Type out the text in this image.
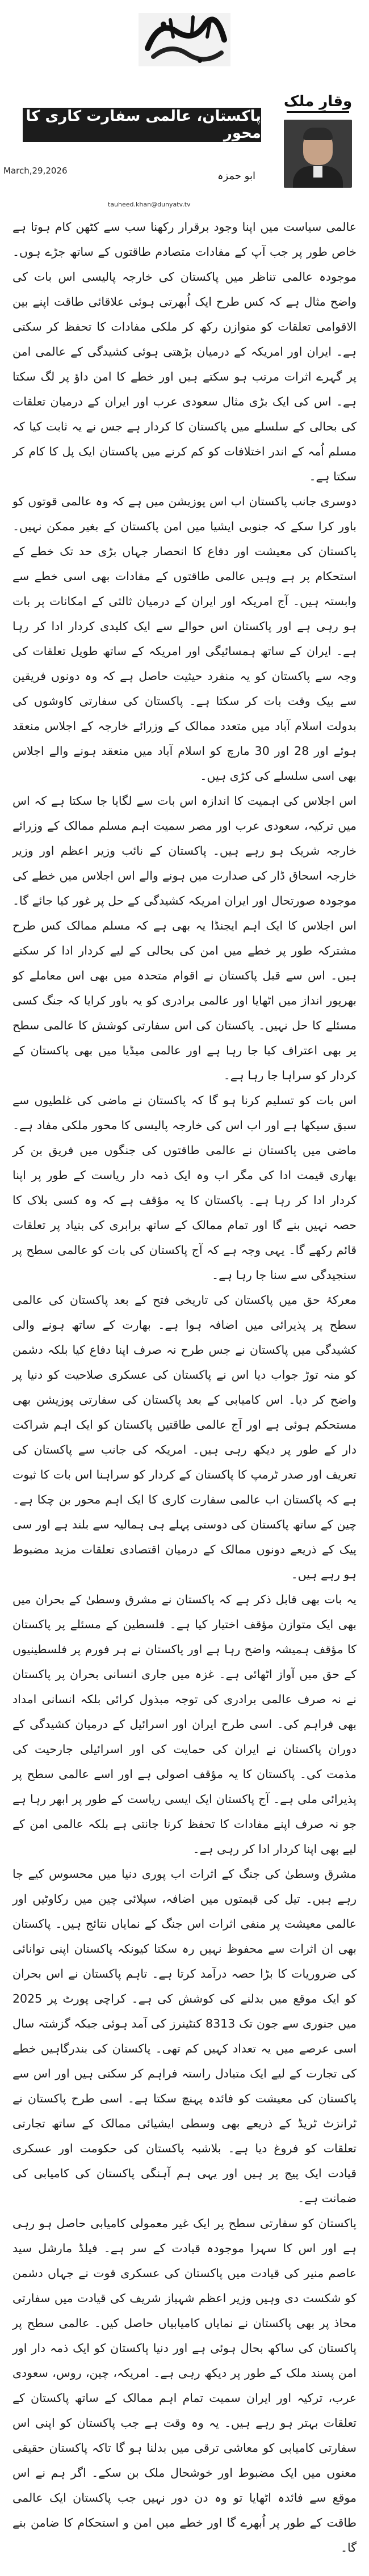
وقارِ ملک
پاکستان، عالمی سفارت کاری کا محور
ابو حمزہ
March,29,2026
tauheed.khan@dunyatv.tv

عالمی سیاست میں اپنا وجود برقرار رکھنا سب سے کٹھن کام ہوتا ہے خاص طور پر جب آپ کے مفادات متصادم طاقتوں کے ساتھ جڑے ہوں۔ موجودہ عالمی تناظر میں پاکستان کی خارجہ پالیسی اس بات کی واضح مثال ہے کہ کس طرح ایک اُبھرتی ہوئی علاقائی طاقت اپنے بین الاقوامی تعلقات کو متوازن رکھ کر ملکی مفادات کا تحفظ کر سکتی ہے۔ ایران اور امریکہ کے درمیان بڑھتی ہوئی کشیدگی کے عالمی امن پر گہرے اثرات مرتب ہو سکتے ہیں اور خطے کا امن داؤ پر لگ سکتا ہے۔ اس کی ایک بڑی مثال سعودی عرب اور ایران کے درمیان تعلقات کی بحالی کے سلسلے میں پاکستان کا کردار ہے جس نے یہ ثابت کیا کہ مسلم اُمہ کے اندر اختلافات کو کم کرنے میں پاکستان ایک پل کا کام کر سکتا ہے۔

دوسری جانب پاکستان اب اس پوزیشن میں ہے کہ وہ عالمی قوتوں کو باور کرا سکے کہ جنوبی ایشیا میں امن پاکستان کے بغیر ممکن نہیں۔ پاکستان کی معیشت اور دفاع کا انحصار جہاں بڑی حد تک خطے کے استحکام پر ہے وہیں عالمی طاقتوں کے مفادات بھی اسی خطے سے وابستہ ہیں۔ آج امریکہ اور ایران کے درمیان ثالثی کے امکانات پر بات ہو رہی ہے اور پاکستان اس حوالے سے ایک کلیدی کردار ادا کر رہا ہے۔ ایران کے ساتھ ہمسائیگی اور امریکہ کے ساتھ طویل تعلقات کی وجہ سے پاکستان کو یہ منفرد حیثیت حاصل ہے کہ وہ دونوں فریقین سے بیک وقت بات کر سکتا ہے۔ پاکستان کی سفارتی کاوشوں کی بدولت اسلام آباد میں متعدد ممالک کے وزرائے خارجہ کے اجلاس منعقد ہوئے اور 28 اور 30 مارچ کو اسلام آباد میں منعقد ہونے والے اجلاس بھی اسی سلسلے کی کڑی ہیں۔

اس اجلاس کی اہمیت کا اندازہ اس بات سے لگایا جا سکتا ہے کہ اس میں ترکیہ، سعودی عرب اور مصر سمیت اہم مسلم ممالک کے وزرائے خارجہ شریک ہو رہے ہیں۔ پاکستان کے نائب وزیر اعظم اور وزیر خارجہ اسحاق ڈار کی صدارت میں ہونے والے اس اجلاس میں خطے کی موجودہ صورتحال اور ایران امریکہ کشیدگی کے حل پر غور کیا جائے گا۔ اس اجلاس کا ایک اہم ایجنڈا یہ بھی ہے کہ مسلم ممالک کس طرح مشترکہ طور پر خطے میں امن کی بحالی کے لیے کردار ادا کر سکتے ہیں۔ اس سے قبل پاکستان نے اقوام متحدہ میں بھی اس معاملے کو بھرپور انداز میں اٹھایا اور عالمی برادری کو یہ باور کرایا کہ جنگ کسی مسئلے کا حل نہیں۔ پاکستان کی اس سفارتی کوشش کا عالمی سطح پر بھی اعتراف کیا جا رہا ہے اور عالمی میڈیا میں بھی پاکستان کے کردار کو سراہا جا رہا ہے۔

اس بات کو تسلیم کرنا ہو گا کہ پاکستان نے ماضی کی غلطیوں سے سبق سیکھا ہے اور اب اس کی خارجہ پالیسی کا محور ملکی مفاد ہے۔ ماضی میں پاکستان نے عالمی طاقتوں کی جنگوں میں فریق بن کر بھاری قیمت ادا کی مگر اب وہ ایک ذمہ دار ریاست کے طور پر اپنا کردار ادا کر رہا ہے۔ پاکستان کا یہ مؤقف ہے کہ وہ کسی بلاک کا حصہ نہیں بنے گا اور تمام ممالک کے ساتھ برابری کی بنیاد پر تعلقات قائم رکھے گا۔ یہی وجہ ہے کہ آج پاکستان کی بات کو عالمی سطح پر سنجیدگی سے سنا جا رہا ہے۔

معرکۂ حق میں پاکستان کی تاریخی فتح کے بعد پاکستان کی عالمی سطح پر پذیرائی میں اضافہ ہوا ہے۔ بھارت کے ساتھ ہونے والی کشیدگی میں پاکستان نے جس طرح نہ صرف اپنا دفاع کیا بلکہ دشمن کو منہ توڑ جواب دیا اس نے پاکستان کی عسکری صلاحیت کو دنیا پر واضح کر دیا۔ اس کامیابی کے بعد پاکستان کی سفارتی پوزیشن بھی مستحکم ہوئی ہے اور آج عالمی طاقتیں پاکستان کو ایک اہم شراکت دار کے طور پر دیکھ رہی ہیں۔ امریکہ کی جانب سے پاکستان کی تعریف اور صدر ٹرمپ کا پاکستان کے کردار کو سراہنا اس بات کا ثبوت ہے کہ پاکستان اب عالمی سفارت کاری کا ایک اہم محور بن چکا ہے۔ چین کے ساتھ پاکستان کی دوستی پہلے ہی ہمالیہ سے بلند ہے اور سی پیک کے ذریعے دونوں ممالک کے درمیان اقتصادی تعلقات مزید مضبوط ہو رہے ہیں۔

یہ بات بھی قابل ذکر ہے کہ پاکستان نے مشرق وسطیٰ کے بحران میں بھی ایک متوازن مؤقف اختیار کیا ہے۔ فلسطین کے مسئلے پر پاکستان کا مؤقف ہمیشہ واضح رہا ہے اور پاکستان نے ہر فورم پر فلسطینیوں کے حق میں آواز اٹھائی ہے۔ غزہ میں جاری انسانی بحران پر پاکستان نے نہ صرف عالمی برادری کی توجہ مبذول کرائی بلکہ انسانی امداد بھی فراہم کی۔ اسی طرح ایران اور اسرائیل کے درمیان کشیدگی کے دوران پاکستان نے ایران کی حمایت کی اور اسرائیلی جارحیت کی مذمت کی۔ پاکستان کا یہ مؤقف اصولی ہے اور اسے عالمی سطح پر پذیرائی ملی ہے۔ آج پاکستان ایک ایسی ریاست کے طور پر ابھر رہا ہے جو نہ صرف اپنے مفادات کا تحفظ کرنا جانتی ہے بلکہ عالمی امن کے لیے بھی اپنا کردار ادا کر رہی ہے۔

مشرق وسطیٰ کی جنگ کے اثرات اب پوری دنیا میں محسوس کیے جا رہے ہیں۔ تیل کی قیمتوں میں اضافہ، سپلائی چین میں رکاوٹیں اور عالمی معیشت پر منفی اثرات اس جنگ کے نمایاں نتائج ہیں۔ پاکستان بھی ان اثرات سے محفوظ نہیں رہ سکتا کیونکہ پاکستان اپنی توانائی کی ضروریات کا بڑا حصہ درآمد کرتا ہے۔ تاہم پاکستان نے اس بحران کو ایک موقع میں بدلنے کی کوشش کی ہے۔ کراچی پورٹ پر 2025 میں جنوری سے جون تک 8313 کنٹینرز کی آمد ہوئی جبکہ گزشتہ سال اسی عرصے میں یہ تعداد کہیں کم تھی۔ پاکستان کی بندرگاہیں خطے کی تجارت کے لیے ایک متبادل راستہ فراہم کر سکتی ہیں اور اس سے پاکستان کی معیشت کو فائدہ پہنچ سکتا ہے۔ اسی طرح پاکستان نے ٹرانزٹ ٹریڈ کے ذریعے بھی وسطی ایشیائی ممالک کے ساتھ تجارتی تعلقات کو فروغ دیا ہے۔ بلاشبہ پاکستان کی حکومت اور عسکری قیادت ایک پیج پر ہیں اور یہی ہم آہنگی پاکستان کی کامیابی کی ضمانت ہے۔

پاکستان کو سفارتی سطح پر ایک غیر معمولی کامیابی حاصل ہو رہی ہے اور اس کا سہرا موجودہ قیادت کے سر ہے۔ فیلڈ مارشل سید عاصم منیر کی قیادت میں پاکستان کی عسکری قوت نے جہاں دشمن کو شکست دی وہیں وزیر اعظم شہباز شریف کی قیادت میں سفارتی محاذ پر بھی پاکستان نے نمایاں کامیابیاں حاصل کیں۔ عالمی سطح پر پاکستان کی ساکھ بحال ہوئی ہے اور دنیا پاکستان کو ایک ذمہ دار اور امن پسند ملک کے طور پر دیکھ رہی ہے۔ امریکہ، چین، روس، سعودی عرب، ترکیہ اور ایران سمیت تمام اہم ممالک کے ساتھ پاکستان کے تعلقات بہتر ہو رہے ہیں۔ یہ وہ وقت ہے جب پاکستان کو اپنی اس سفارتی کامیابی کو معاشی ترقی میں بدلنا ہو گا تاکہ پاکستان حقیقی معنوں میں ایک مضبوط اور خوشحال ملک بن سکے۔ اگر ہم نے اس موقع سے فائدہ اٹھایا تو وہ دن دور نہیں جب پاکستان ایک عالمی طاقت کے طور پر اُبھرے گا اور خطے میں امن و استحکام کا ضامن بنے گا۔
